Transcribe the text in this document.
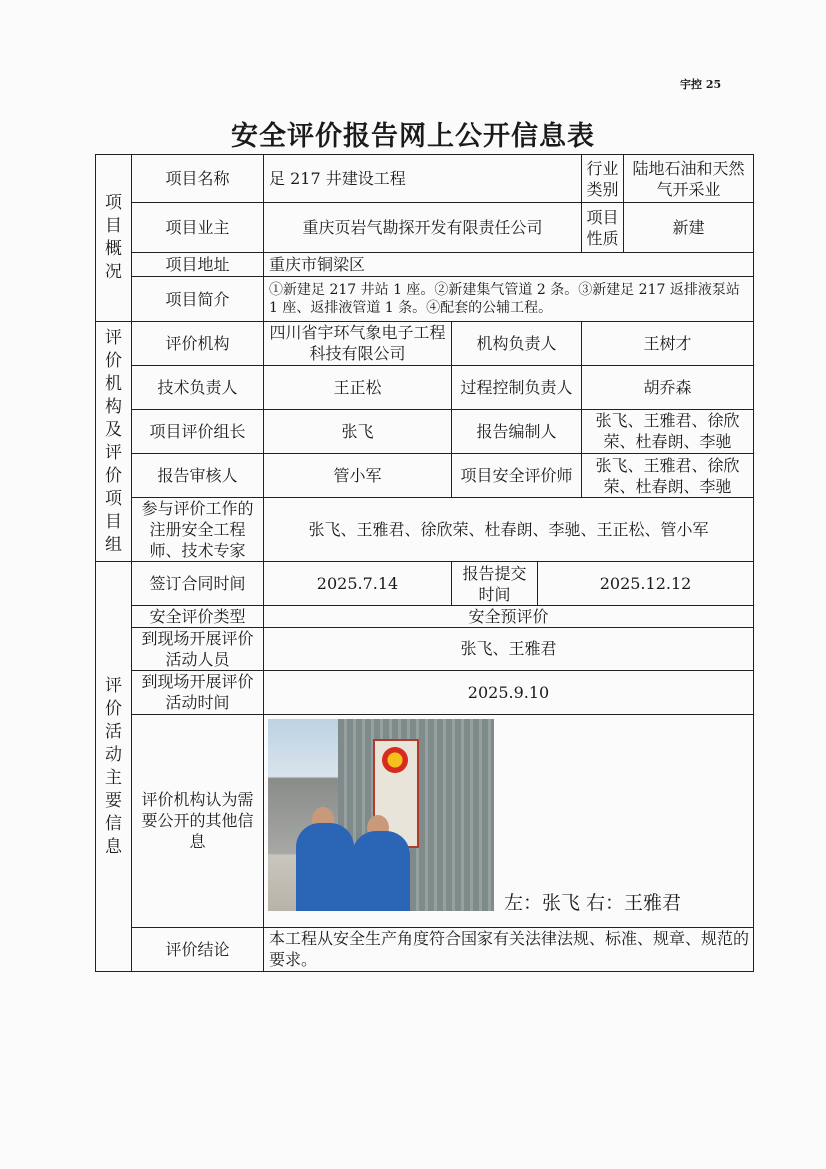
宇控 25
安全评价报告网上公开信息表
项目概况	项目名称	足 217 井建设工程			行业类别	陆地石油和天然气开采业
	项目业主	重庆页岩气勘探开发有限责任公司			项目性质	新建
	项目地址	重庆市铜梁区				
	项目简介	①新建足 217 井站 1 座。②新建集气管道 2 条。③新建足 217 返排液泵站 1 座、返排液管道 1 条。④配套的公辅工程。				
评价机构及评价项目组	评价机构	四川省宇环气象电子工程科技有限公司	机构负责人		王树才	
	技术负责人	王正松	过程控制负责人		胡乔森	
	项目评价组长	张飞	报告编制人		张飞、王雅君、徐欣荣、杜春朗、李驰	
	报告审核人	管小军	项目安全评价师		张飞、王雅君、徐欣荣、杜春朗、李驰	
	参与评价工作的注册安全工程师、技术专家	张飞、王雅君、徐欣荣、杜春朗、李驰、王正松、管小军				
评价活动主要信息	签订合同时间	2025.7.14	报告提交时间	2025.12.12		
	安全评价类型	安全预评价				
	到现场开展评价活动人员	张飞、王雅君				
	到现场开展评价活动时间	2025.9.10				
	评价机构认为需要公开的其他信息	左：张飞 右：王雅君				

	评价结论	本工程从安全生产角度符合国家有关法律法规、标准、规章、规范的要求。				
